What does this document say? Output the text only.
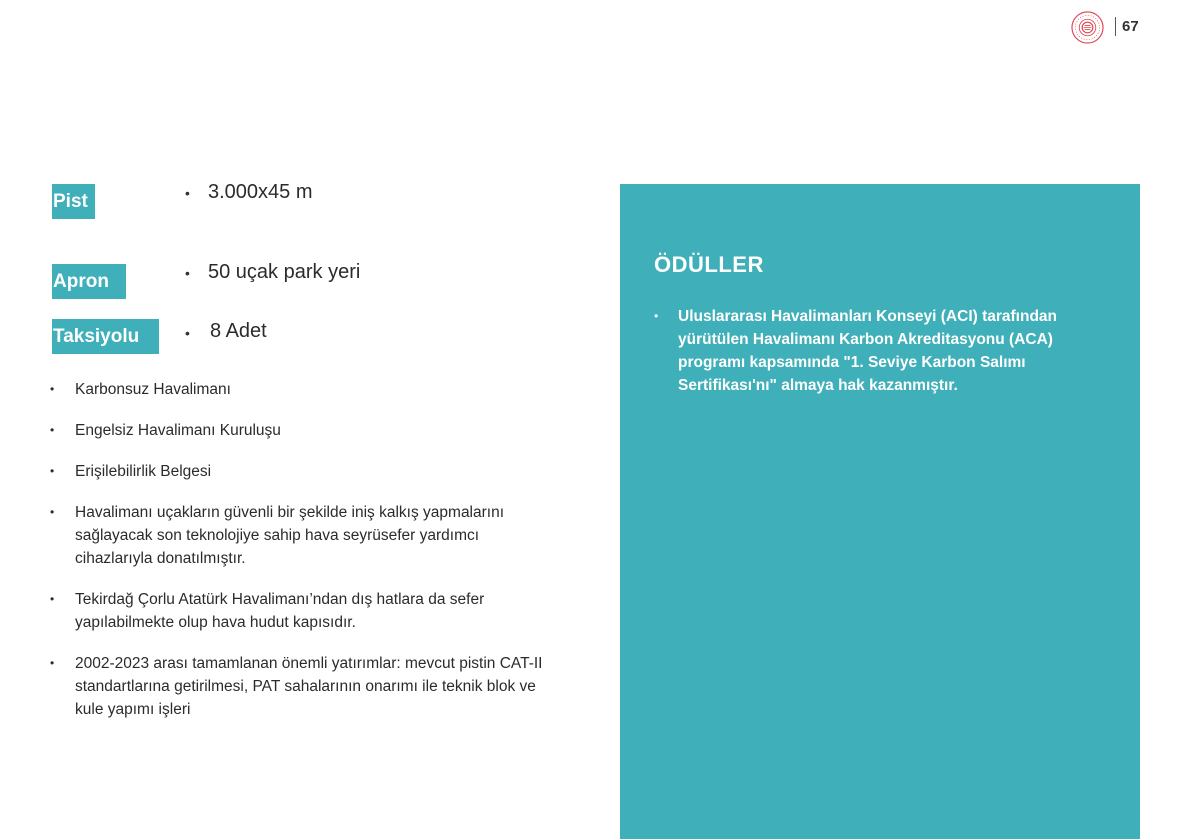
67
Pist	• 3.000x45 m
Apron	• 50 uçak park yeri
Taksiyolu	• 8 Adet
• Karbonsuz Havalimanı
• Engelsiz Havalimanı Kuruluşu
• Erişilebilirlik Belgesi
• Havalimanı uçakların güvenli bir şekilde iniş kalkış yapmalarını sağlayacak son teknolojiye sahip hava seyrüsefer yardımcı cihazlarıyla donatılmıştır.
• Tekirdağ Çorlu Atatürk Havalimanı’ndan dış hatlara da sefer yapılabilmekte olup hava hudut kapısıdır.
• 2002-2023 arası tamamlanan önemli yatırımlar: mevcut pistin CAT-II standartlarına getirilmesi, PAT sahalarının onarımı ile teknik blok ve kule yapımı işleri
ÖDÜLLER
• Uluslararası Havalimanları Konseyi (ACI) tarafından yürütülen Havalimanı Karbon Akreditasyonu (ACA) programı kapsamında "1. Seviye Karbon Salımı Sertifikası'nı" almaya hak kazanmıştır.
